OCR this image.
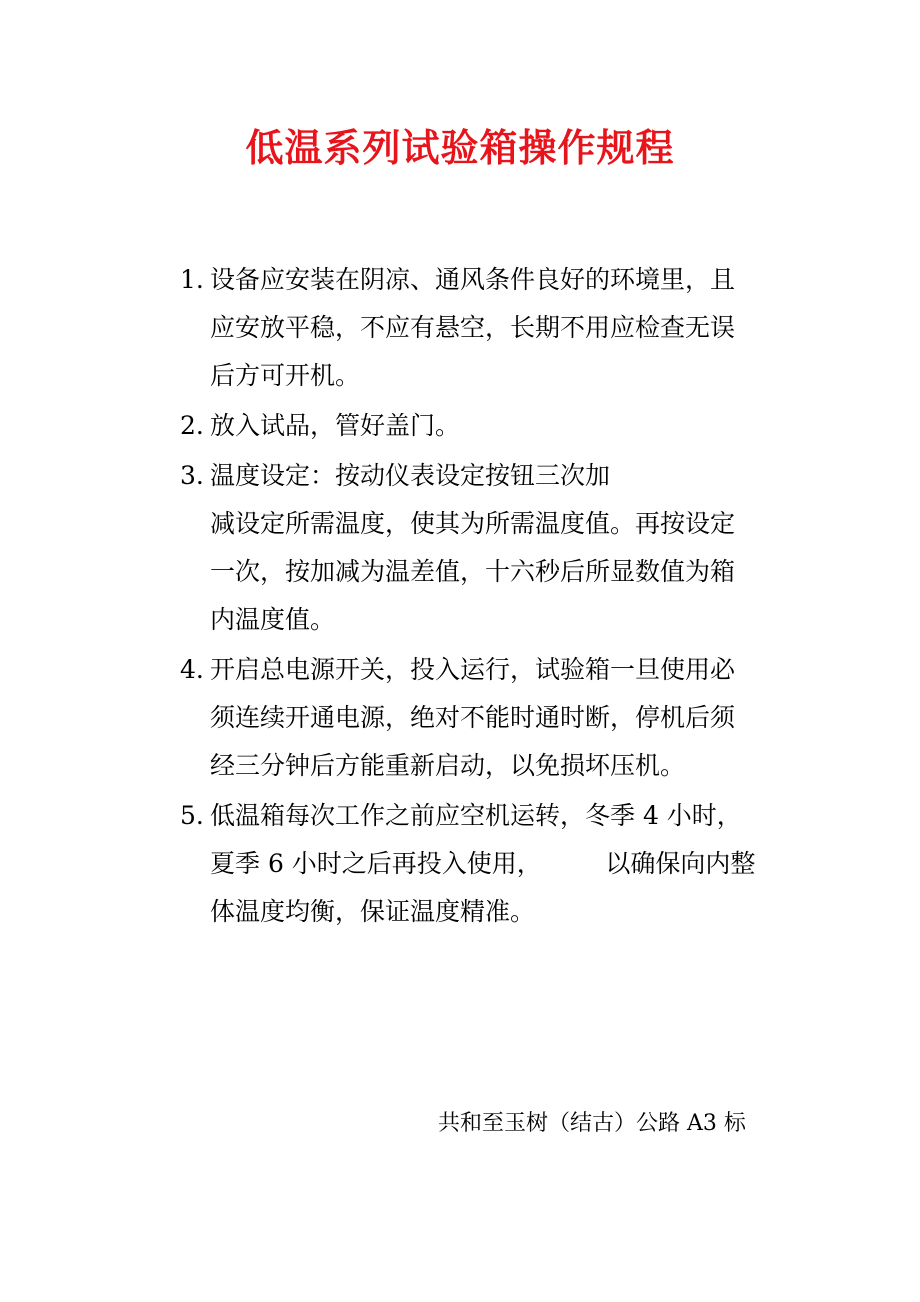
低温系列试验箱操作规程
1. 设备应安装在阴凉、通风条件良好的环境里，且
应安放平稳，不应有悬空，长期不用应检查无误
后方可开机。
2. 放入试品，管好盖门。
3. 温度设定：按动仪表设定按钮三次加
减设定所需温度，使其为所需温度值。再按设定
一次，按加减为温差值，十六秒后所显数值为箱
内温度值。
4. 开启总电源开关，投入运行，试验箱一旦使用必
须连续开通电源，绝对不能时通时断，停机后须
经三分钟后方能重新启动，以免损坏压机。
5. 低温箱每次工作之前应空机运转，冬季 4 小时，
夏季 6 小时之后再投入使用，        以确保向内整
体温度均衡，保证温度精准。
共和至玉树（结古）公路 A3 标
